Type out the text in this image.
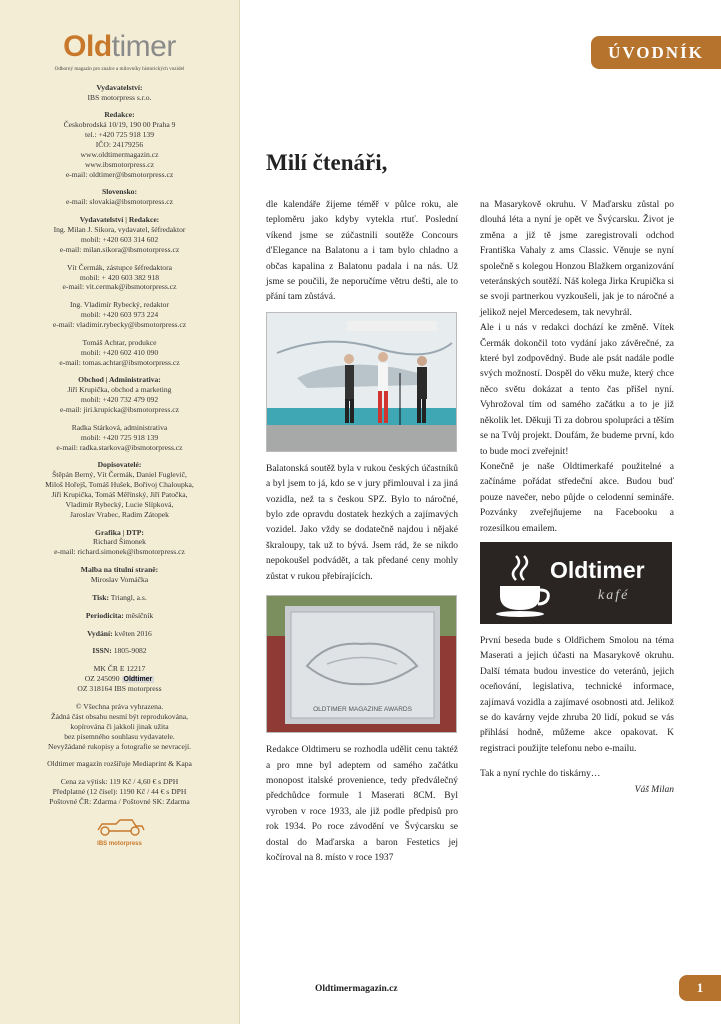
Oldtimer
Odborný magazín pro znalce a milovníky historických vozidel
Vydavatelství:
IBS motorpress s.r.o.
Redakce:
Českobrodská 10/19, 190 00 Praha 9
tel.: +420 725 918 139
IČO: 24179256
www.oldtimermagazin.cz
www.ibsmotorpress.cz
e-mail: oldtimer@ibsmotorpress.cz
Slovensko:
e-mail: slovakia@ibsmotorpress.cz
Vydavatelství | Redakce:
Ing. Milan J. Sikora, vydavatel, šéfredaktor
mobil: +420 603 314 602
e-mail: milan.sikora@ibsmotorpress.cz
Vít Čermák, zástupce šéfredaktora
mobil: + 420 603 382 918
e-mail: vit.cermak@ibsmotorpress.cz
Ing. Vladimír Rybecký, redaktor
mobil: +420 603 973 224
e-mail: vladimir.rybecky@ibsmotorpress.cz
Tomáš Achtar, produkce
mobil: +420 602 410 090
e-mail: tomas.achtar@ibsmotorpress.cz
Obchod | Administrativa:
Jiří Krupička, obchod a marketing
mobil: +420 732 479 092
e-mail: jiri.krupicka@ibsmotorpress.cz
Radka Stárková, administrativa
mobil: +420 725 918 139
e-mail: radka.starkova@ibsmotorpress.cz
Dopisovatelé:
Štěpán Berný, Vít Čermák, Daniel Fuglevič,
Miloš Hořejš, Tomáš Hušek, Bořivoj Chaloupka,
Jiří Krupička, Tomáš Měřínský, Jiří Patočka,
Vladimír Rybecký, Lucie Slípková,
Jaroslav Vrabec, Radim Zátopek
Grafika | DTP:
Richard Šimonek
e-mail: richard.simonek@ibsmotorpress.cz
Malba na titulní straně:
Miroslav Vomáčka
Tisk: Triangl, a.s.
Periodicita: měsíčník
Vydání: květen 2016
ISSN: 1805-9082
MK ČR E 12217
OZ 245090 Oldtimer
OZ 318164 IBS motorpress
© Všechna práva vyhrazena.
Žádná část obsahu nesmí být reprodukována,
kopírována či jakkoli jinak užita
bez písemného souhlasu vydavatele.
Nevyžádané rukopisy a fotografie se nevracejí.
Oldtimer magazín rozšiřuje Mediaprint & Kapa
Cena za výtisk: 119 Kč / 4,60 € s DPH
Předplatné (12 čísel): 1190 Kč / 44 € s DPH
Poštovné ČR: Zdarma / Poštovné SK: Zdarma
IBS motorpress
ÚVODNÍK
Milí čtenáři,

dle kalendáře žijeme téměř v půlce roku, ale teploměru jako kdyby vytekla rtuť. Poslední víkend jsme se zúčastnili soutěže Concours d'Elegance na Balatonu a i tam bylo chladno a občas kapalina z Balatonu padala i na nás. Už jsme se poučili, že neporučíme větru dešti, ale to přání tam zůstává.

Balatonská soutěž byla v rukou českých účastníků a byl jsem to já, kdo se v jury přimlouval i za jiná vozidla, než ta s českou SPZ. Bylo to náročné, bylo zde opravdu dostatek hezkých a zajímavých vozidel. Jako vždy se dodatečně najdou i nějaké škraloupy, tak už to bývá. Jsem rád, že se nikdo nepokoušel podvádět, a tak předané ceny mohly zůstat v rukou přebírajících.

OLDTIMER MAGAZINE AWARDS

Redakce Oldtimeru se rozhodla udělit cenu taktéž a pro mne byl adeptem od samého začátku monopost italské provenience, tedy předválečný předchůdce formule 1 Maserati 8CM. Byl vyroben v roce 1933, ale již podle předpisů pro rok 1934. Po roce závodění ve Švýcarsku se dostal do Maďarska a baron Festetics jej kočíroval na 8. místo v roce 1937

na Masarykově okruhu. V Maďarsku zůstal po dlouhá léta a nyní je opět ve Švýcarsku. Život je změna a již tě jsme zaregistrovali odchod Františka Vahaly z ams Classic. Věnuje se nyní společně s kolegou Honzou Blažkem organizování veteránských soutěží. Náš kolega Jirka Krupička si se svoji partnerkou vyzkoušeli, jak je to náročné a jelikož nejel Mercedesem, tak nevyhrál.

Ale i u nás v redakci dochází ke změně. Vítek Čermák dokončil toto vydání jako závěrečné, za které byl zodpovědný. Bude ale psát nadále podle svých možností. Dospěl do věku muže, který chce něco světu dokázat a tento čas přišel nyní. Vyhrožoval tím od samého začátku a to je již několik let. Děkuji Ti za dobrou spolupráci a těším se na Tvůj projekt. Doufám, že budeme první, kdo to bude moci zveřejnit!

Konečně je naše Oldtimerkafé použitelné a začínáme pořádat středeční akce. Budou buď pouze navečer, nebo půjde o celodenní semináře. Pozvánky zveřejňujeme na Facebooku a rozesílkou emailem.

Oldtimer
kafé

První beseda bude s Oldřichem Smolou na téma Maserati a jejich účasti na Masarykově okruhu. Další témata budou investice do veteránů, jejich oceňování, legislativa, technické informace, zajímavá vozidla a zajímavé osobnosti atd. Jelikož se do kavárny vejde zhruba 20 lidí, pokud se vás přihlásí hodně, můžeme akce opakovat. K registraci použijte telefonu nebo e-mailu.

Tak a nyní rychle do tiskárny…

Váš Milan

Oldtimermagazin.cz	1
